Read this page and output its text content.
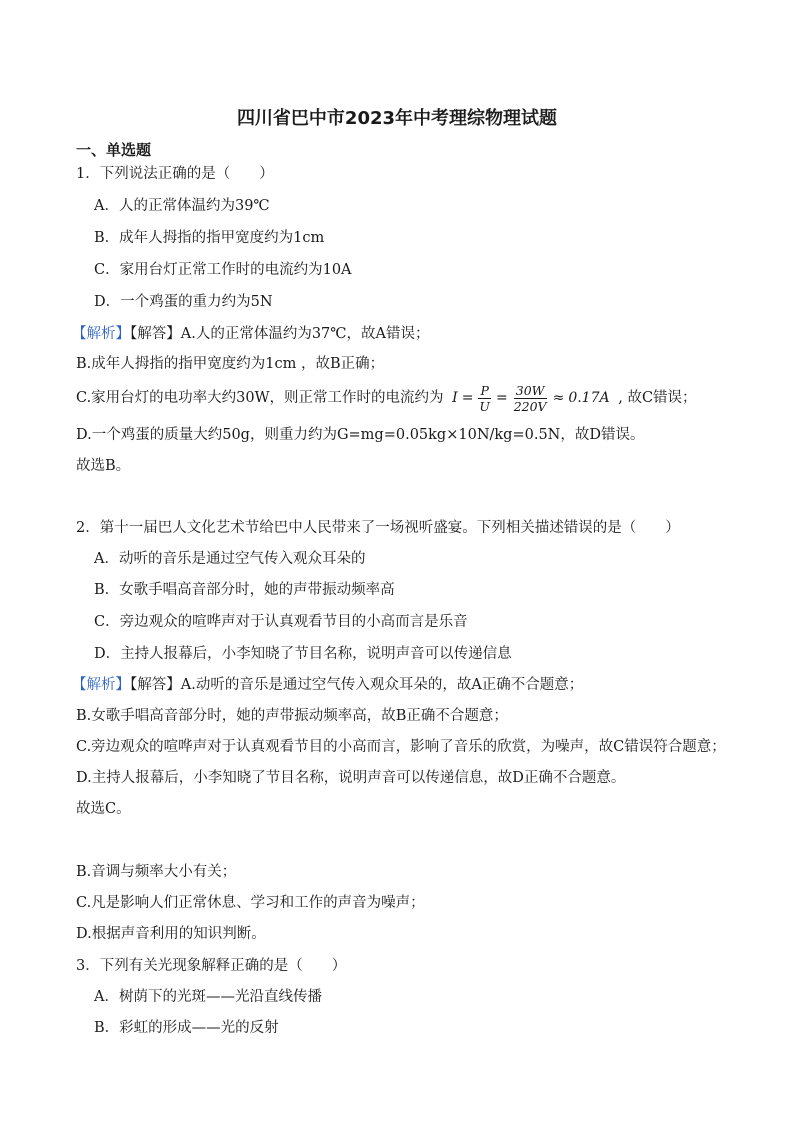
四川省巴中市2023年中考理综物理试题
一、单选题
1．下列说法正确的是（　　）
A．人的正常体温约为39℃
B．成年人拇指的指甲宽度约为1cm
C．家用台灯正常工作时的电流约为10A
D．一个鸡蛋的重力约为5N
【解析】【解答】A.人的正常体温约为37℃，故A错误；
B.成年人拇指的指甲宽度约为1cm ，故B正确；
C.家用台灯的电功率大约30W，则正常工作时的电流约为 $I = \frac{P}{U} = \frac{30W}{220V} \approx 0.17A$ , 故C错误；
D.一个鸡蛋的质量大约50g，则重力约为G=mg=0.05kg×10N/kg=0.5N，故D错误。
故选B。
2．第十一届巴人文化艺术节给巴中人民带来了一场视听盛宴。下列相关描述错误的是（　　）
A．动听的音乐是通过空气传入观众耳朵的
B．女歌手唱高音部分时，她的声带振动频率高
C．旁边观众的喧哗声对于认真观看节目的小高而言是乐音
D．主持人报幕后，小李知晓了节目名称，说明声音可以传递信息
【解析】【解答】A.动听的音乐是通过空气传入观众耳朵的，故A正确不合题意；
B.女歌手唱高音部分时，她的声带振动频率高，故B正确不合题意；
C.旁边观众的喧哗声对于认真观看节目的小高而言，影响了音乐的欣赏，为噪声，故C错误符合题意；
D.主持人报幕后，小李知晓了节目名称，说明声音可以传递信息，故D正确不合题意。
故选C。
B.音调与频率大小有关；
C.凡是影响人们正常休息、学习和工作的声音为噪声；
D.根据声音利用的知识判断。
3．下列有关光现象解释正确的是（　　）
A．树荫下的光斑——光沿直线传播
B．彩虹的形成——光的反射
